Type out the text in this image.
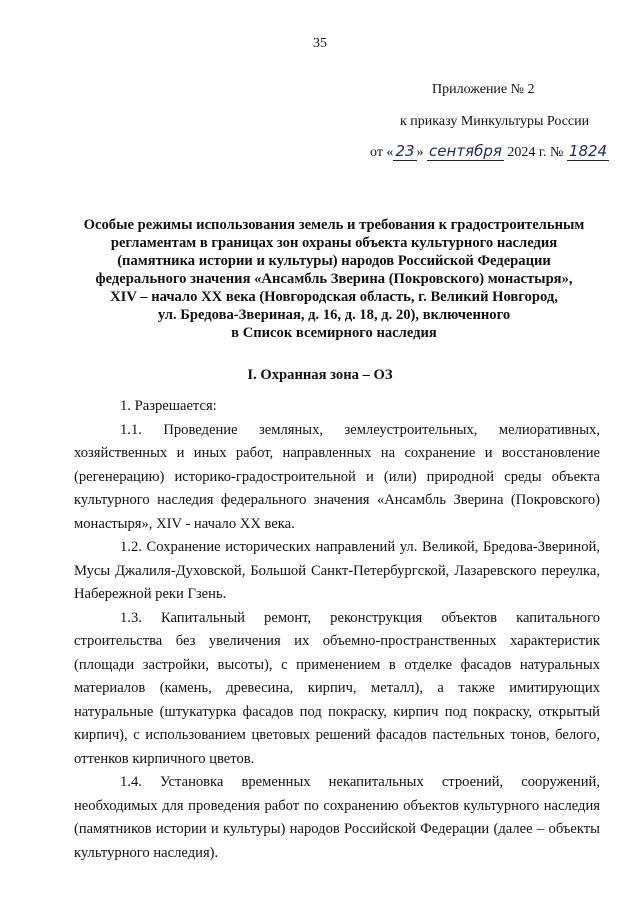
35
Приложение № 2
к приказу Минкультуры России
от « 23 » сентября 2024 г. № 1824
Особые режимы использования земель и требования к градостроительным
регламентам в границах зон охраны объекта культурного наследия
(памятника истории и культуры) народов Российской Федерации
федерального значения «Ансамбль Зверина (Покровского) монастыря»,
XIV – начало XX века (Новгородская область, г. Великий Новгород,
ул. Бредова-Звериная, д. 16, д. 18, д. 20), включенного
в Список всемирного наследия
I. Охранная зона – ОЗ

1. Разрешается:

1.1. Проведение земляных, землеустроительных, мелиоративных, хозяйственных и иных работ, направленных на сохранение и восстановление (регенерацию) историко-градостроительной и (или) природной среды объекта культурного наследия федерального значения «Ансамбль Зверина (Покровского) монастыря», XIV - начало XX века.

1.2. Сохранение исторических направлений ул. Великой, Бредова-Звериной, Мусы Джалиля-Духовской, Большой Санкт-Петербургской, Лазаревского переулка, Набережной реки Гзень.

1.3. Капитальный ремонт, реконструкция объектов капитального строительства без увеличения их объемно-пространственных характеристик (площади застройки, высоты), с применением в отделке фасадов натуральных материалов (камень, древесина, кирпич, металл), а также имитирующих натуральные (штукатурка фасадов под покраску, кирпич под покраску, открытый кирпич), с использованием цветовых решений фасадов пастельных тонов, белого, оттенков кирпичного цветов.

1.4. Установка временных некапитальных строений, сооружений, необходимых для проведения работ по сохранению объектов культурного наследия (памятников истории и культуры) народов Российской Федерации (далее – объекты культурного наследия).
